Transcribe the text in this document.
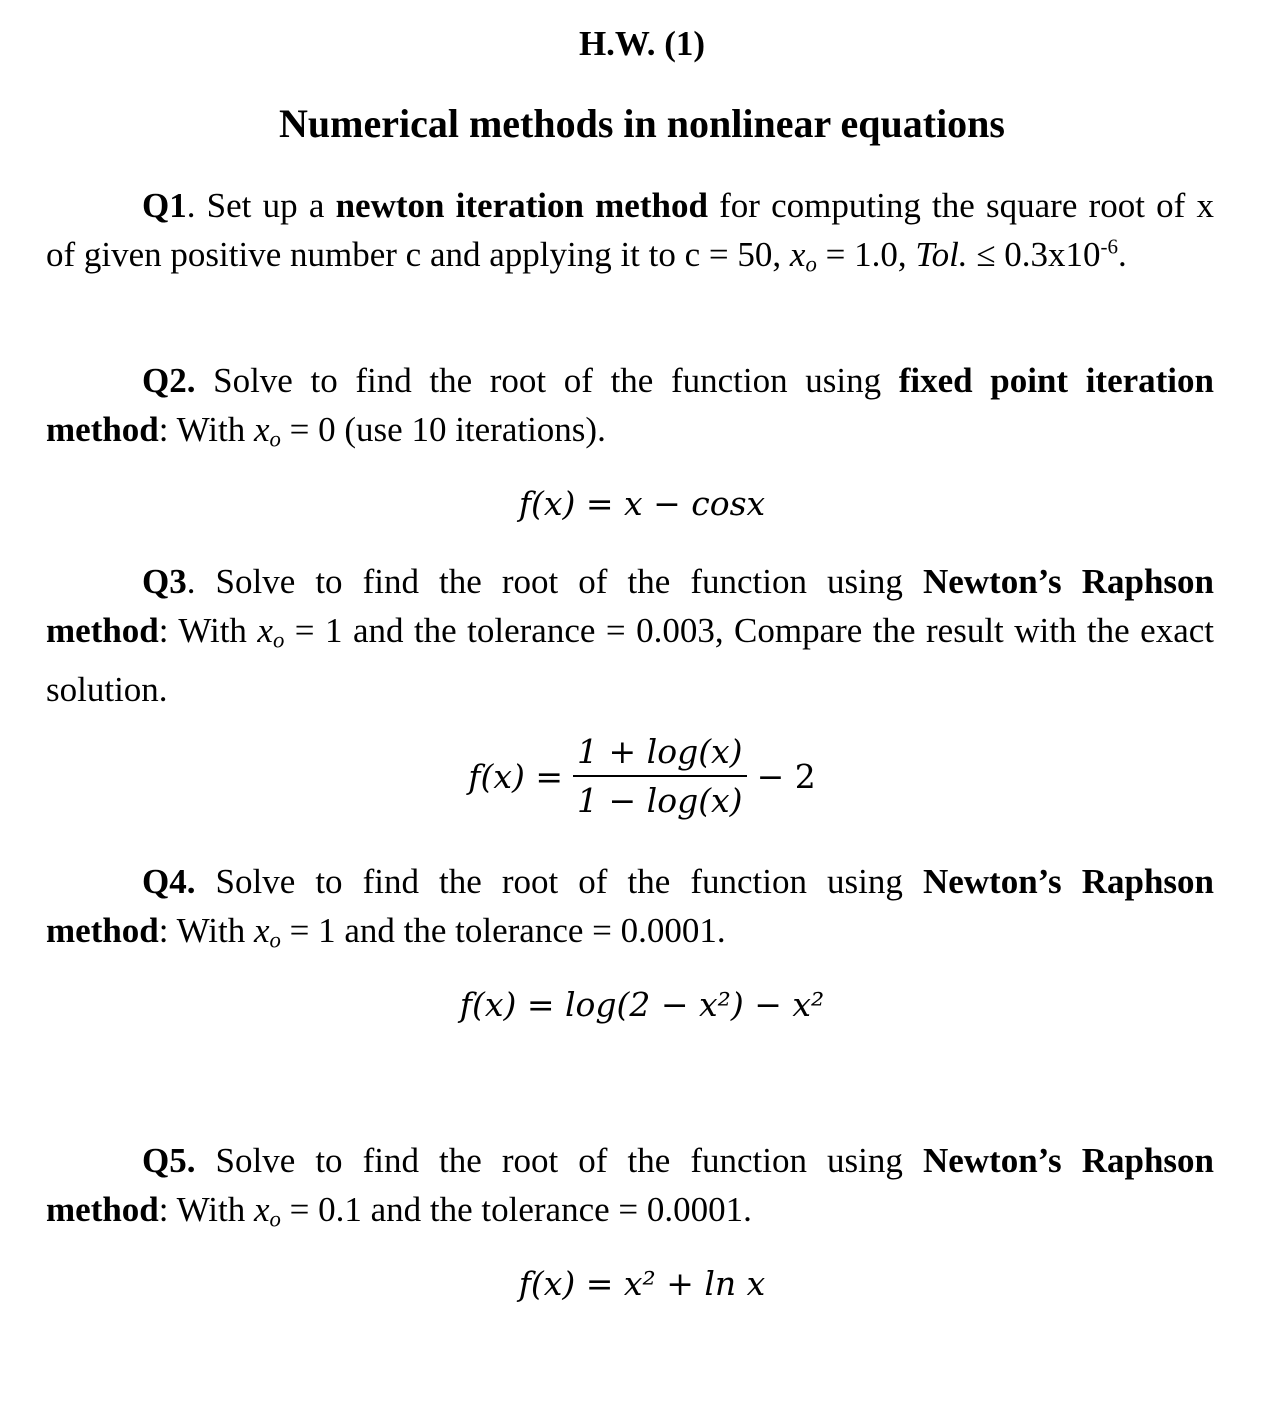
H.W. (1)
Numerical methods in nonlinear equations
Q1. Set up a newton iteration method for computing the square root of x of given positive number c and applying it to c = 50, $x_o = 1.0$, Tol. ≤ $0.3x10^{-6}$.
Q2. Solve to find the root of the function using fixed point iteration method: With $x_o = 0$ (use 10 iterations).
f(x) = x − cosx
Q3. Solve to find the root of the function using Newton’s Raphson method: With $x_o = 1$ and the tolerance = 0.003, Compare the result with the exact solution.
$f(x) = \frac{1 + \log(x)}{1 - \log(x)} - 2$
Q4. Solve to find the root of the function using Newton’s Raphson method: With $x_o = 1$ and the tolerance = 0.0001.
f(x) = log(2 − x²) − x²
Q5. Solve to find the root of the function using Newton’s Raphson method: With $x_o = 0.1$ and the tolerance = 0.0001.
f(x) = x² + ln x
